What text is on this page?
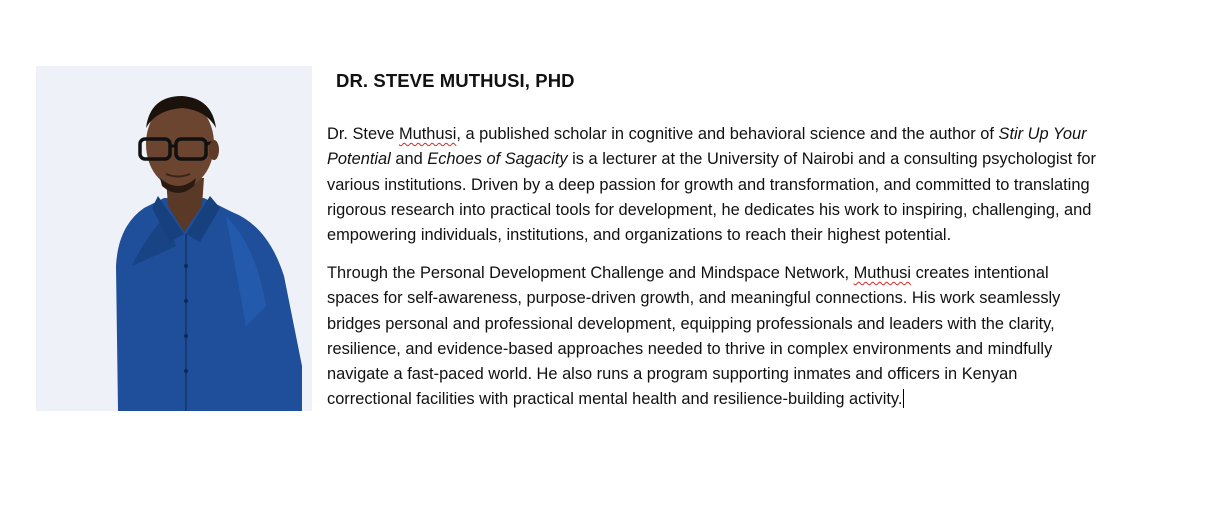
DR. STEVE MUTHUSI, PHD

Dr. Steve Muthusi, a published scholar in cognitive and behavioral science and the author of Stir Up Your
Potential and Echoes of Sagacity is a lecturer at the University of Nairobi and a consulting psychologist for
various institutions. Driven by a deep passion for growth and transformation, and committed to translating
rigorous research into practical tools for development, he dedicates his work to inspiring, challenging, and
empowering individuals, institutions, and organizations to reach their highest potential.

Through the Personal Development Challenge and Mindspace Network, Muthusi creates intentional
spaces for self-awareness, purpose-driven growth, and meaningful connections. His work seamlessly
bridges personal and professional development, equipping professionals and leaders with the clarity,
resilience, and evidence-based approaches needed to thrive in complex environments and mindfully
navigate a fast-paced world. He also runs a program supporting inmates and officers in Kenyan
correctional facilities with practical mental health and resilience-building activity.
